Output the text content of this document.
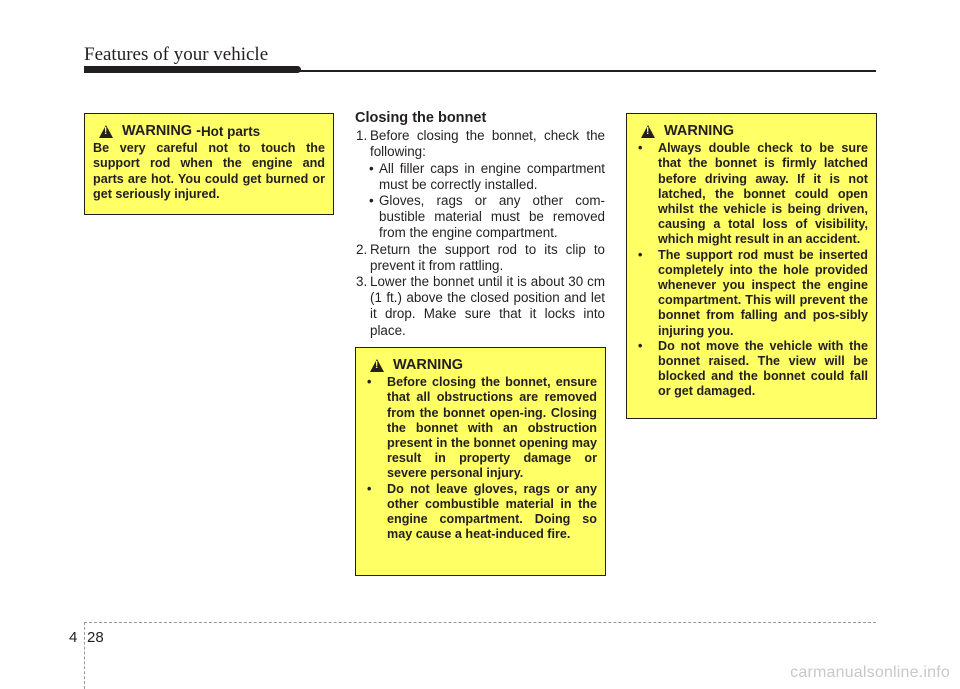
Features of your vehicle
!
WARNING - Hot parts
Be very careful not to touch the support rod when the engine and parts are hot. You could get burned or get seriously injured.
Closing the bonnet
1. Before closing the bonnet, check the following:
• All filler caps in engine compartment must be correctly installed.
• Gloves, rags or any other com-bustible material must be removed from the engine compartment.
2. Return the support rod to its clip to prevent it from rattling.
3. Lower the bonnet until it is about 30 cm (1 ft.) above the closed position and let it drop. Make sure that it locks into place.
!
WARNING
• Before closing the bonnet, ensure that all obstructions are removed from the bonnet open-ing. Closing the bonnet with an obstruction present in the bonnet opening may result in property damage or severe personal injury.
• Do not leave gloves, rags or any other combustible material in the engine compartment. Doing so may cause a heat-induced fire.
!
WARNING
• Always double check to be sure that the bonnet is firmly latched before driving away. If it is not latched, the bonnet could open whilst the vehicle is being driven, causing a total loss of visibility, which might result in an accident.
• The support rod must be inserted completely into the hole provided whenever you inspect the engine compartment. This will prevent the bonnet from falling and pos-sibly injuring you.
• Do not move the vehicle with the bonnet raised. The view will be blocked and the bonnet could fall or get damaged.
4 28
carmanualsonline.info
